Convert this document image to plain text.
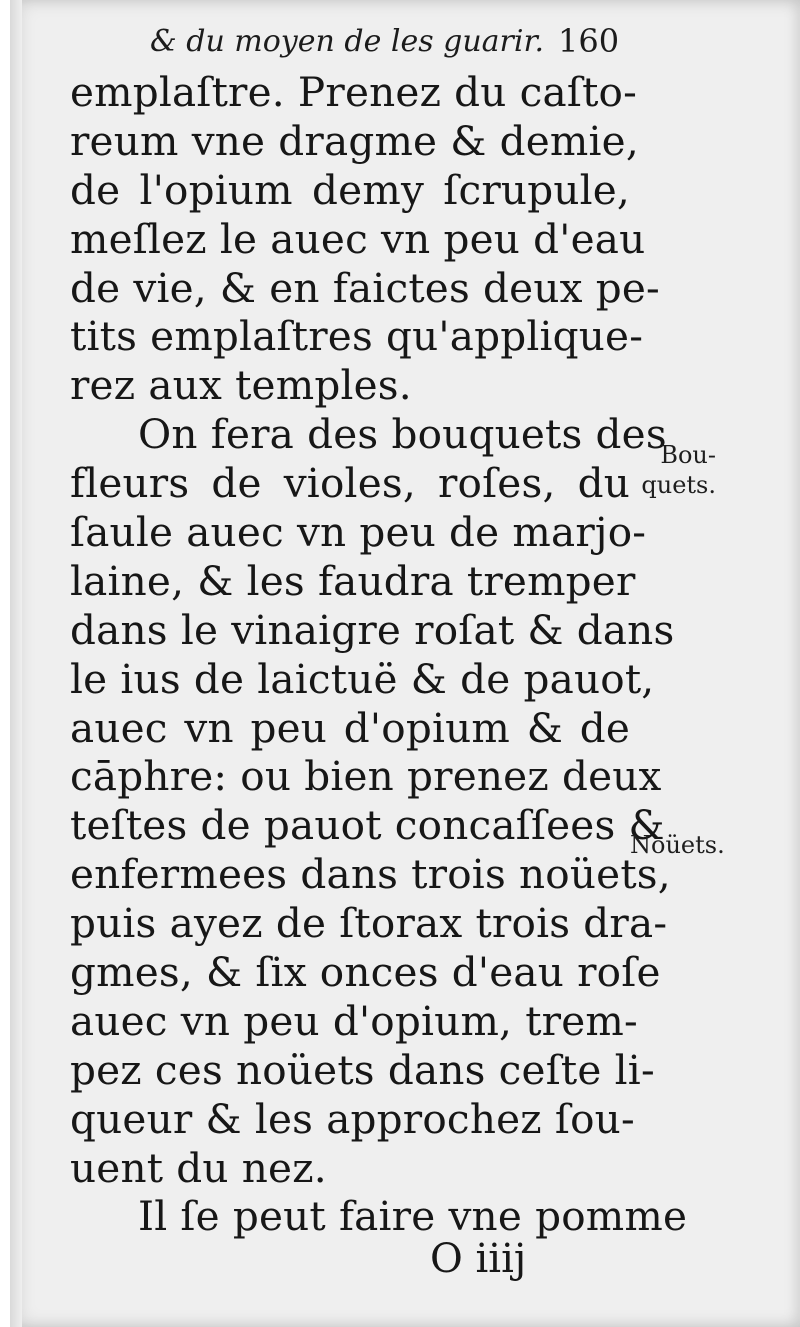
& du moyen de les guarir. 160
emplaſtre. Prenez du caſto-
reum vne dragme & demie,
de l'opium demy ſcrupule,
meſlez le auec vn peu d'eau
de vie, & en faictes deux pe-
tits emplaſtres qu'applique-
rez aux temples.
On fera des bouquets des
fleurs de violes, roſes, du
ſaule auec vn peu de marjo-
laine, & les faudra tremper
dans le vinaigre roſat & dans
le ius de laictuë & de pauot,
auec vn peu d'opium & de
cāphre: ou bien prenez deux
teſtes de pauot concaſſees &
enfermees dans trois noüets,
puis ayez de ſtorax trois dra-
gmes, & ſix onces d'eau roſe
auec vn peu d'opium, trem-
pez ces noüets dans ceſte li-
queur & les approchez ſou-
uent du nez.
Il ſe peut faire vne pomme
Bou-
quets.
Noüets.
O iiij
